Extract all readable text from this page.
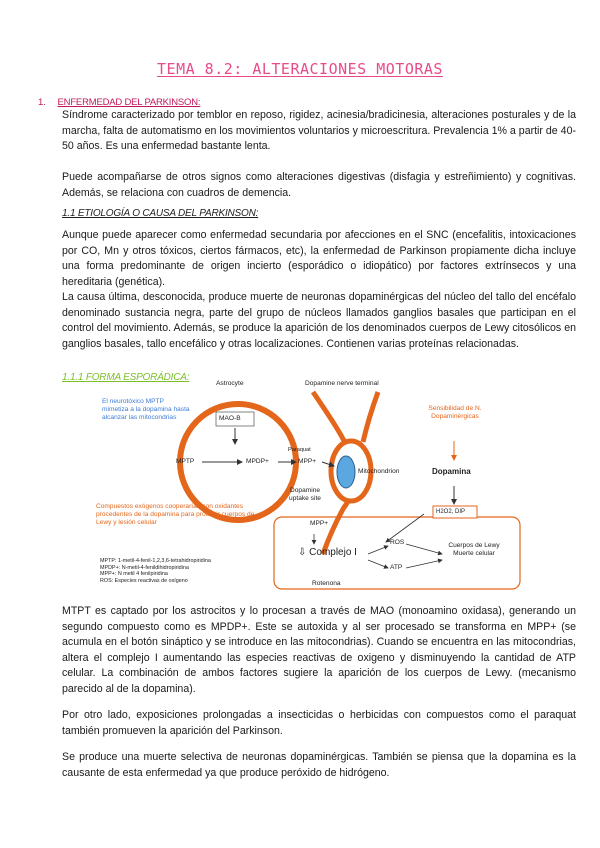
TEMA 8.2: ALTERACIONES MOTORAS
1. ENFERMEDAD DEL PARKINSON:

Síndrome caracterizado por temblor en reposo, rigidez, acinesia/bradicinesia, alteraciones posturales y de la marcha, falta de automatismo en los movimientos voluntarios y microescritura. Prevalencia 1% a partir de 40-50 años. Es una enfermedad bastante lenta.

Puede acompañarse de otros signos como alteraciones digestivas (disfagia y estreñimiento) y cognitivas. Además, se relaciona con cuadros de demencia.

1.1 ETIOLOGÍA O CAUSA DEL PARKINSON:

Aunque puede aparecer como enfermedad secundaria por afecciones en el SNC (encefalitis, intoxicaciones por CO, Mn y otros tóxicos, ciertos fármacos, etc), la enfermedad de Parkinson propiamente dicha incluye una forma predominante de origen incierto (esporádico o idiopático) por factores extrínsecos y una hereditaria (genética).

La causa última, desconocida, produce muerte de neuronas dopaminérgicas del núcleo del tallo del encéfalo denominado sustancia negra, parte del grupo de núcleos llamados ganglios basales que participan en el control del movimiento. Además, se produce la aparición de los denominados cuerpos de Lewy citosólicos en ganglios basales, tallo encefálico y otras localizaciones. Contienen varias proteínas relacionadas.

1.1.1 FORMA ESPORÁDICA:
Astrocyte	Dopamine nerve terminal
MAO-B
MPTP	MPDP+
Paraquat
MPP+
Mitochondrion
Dopamine uptake site
El neurotóxico MPTP mimetiza a la dopamina hasta alcanzar las mitocondrias
Compuestos exógenos cooperarían con oxidantes procedentes de la dopamina para producir cuerpos de Lewy y lesión celular
Sensibilidad de N. Dopaminérgicas
Dopamina
H2O2, DIP
MPP+
⇩ Complejo I
ROS
ATP
Cuerpos de Lewy Muerte celular
Rotenona
MPTP: 1-metil-4-fenil-1,2,3,6-tetrahidropiridina
MPDP+: N-metil-4-fenildihidropiridina
MPP+: N metil 4 fenilpiridina
ROS: Especies reactivas de oxígeno

MTPT es captado por los astrocitos y lo procesan a través de MAO (monoamino oxidasa), generando un segundo compuesto como es MPDP+. Este se autoxida y al ser procesado se transforma en MPP+ (se acumula en el botón sináptico y se introduce en las mitocondrias). Cuando se encuentra en las mitocondrias, altera el complejo I aumentando las especies reactivas de oxigeno y disminuyendo la cantidad de ATP celular. La combinación de ambos factores sugiere la aparición de los cuerpos de Lewy. (mecanismo parecido al de la dopamina).

Por otro lado, exposiciones prolongadas a insecticidas o herbicidas con compuestos como el paraquat también promueven la aparición del Parkinson.

Se produce una muerte selectiva de neuronas dopaminérgicas. También se piensa que la dopamina es la causante de esta enfermedad ya que produce peróxido de hidrógeno.
